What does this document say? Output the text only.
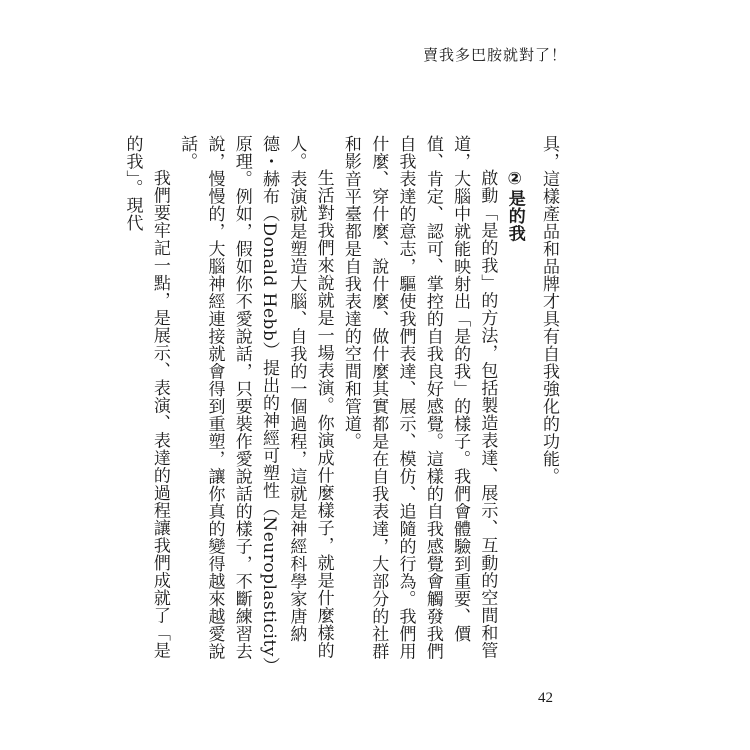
賣我多巴胺就對了！

具，這樣產品和品牌才具有自我強化的功能。

②是的我

啟動「是的我」的方法，包括製造表達、展示、互動的空間和管道，大腦中就能映射出「是的我」的樣子。我們會體驗到重要、價值、肯定、認可、掌控的自我良好感覺。這樣的自我感覺會觸發我們自我表達的意志，驅使我們表達、展示、模仿、追隨的行為。我們用什麼、穿什麼、說什麼、做什麼其實都是在自我表達，大部分的社群和影音平臺都是自我表達的空間和管道。

生活對我們來說就是一場表演。你演成什麼樣子，就是什麼樣的人。表演就是塑造大腦、自我的一個過程，這就是神經科學家唐納德・赫布（Donald Hebb）提出的神經可塑性（Neuroplasticity）原理。例如，假如你不愛說話，只要裝作愛說話的樣子，不斷練習去說，慢慢的，大腦神經連接就會得到重塑，讓你真的變得越來越愛說話。

我們要牢記一點，是展示、表演、表達的過程讓我們成就了「是的我」。現代

42
